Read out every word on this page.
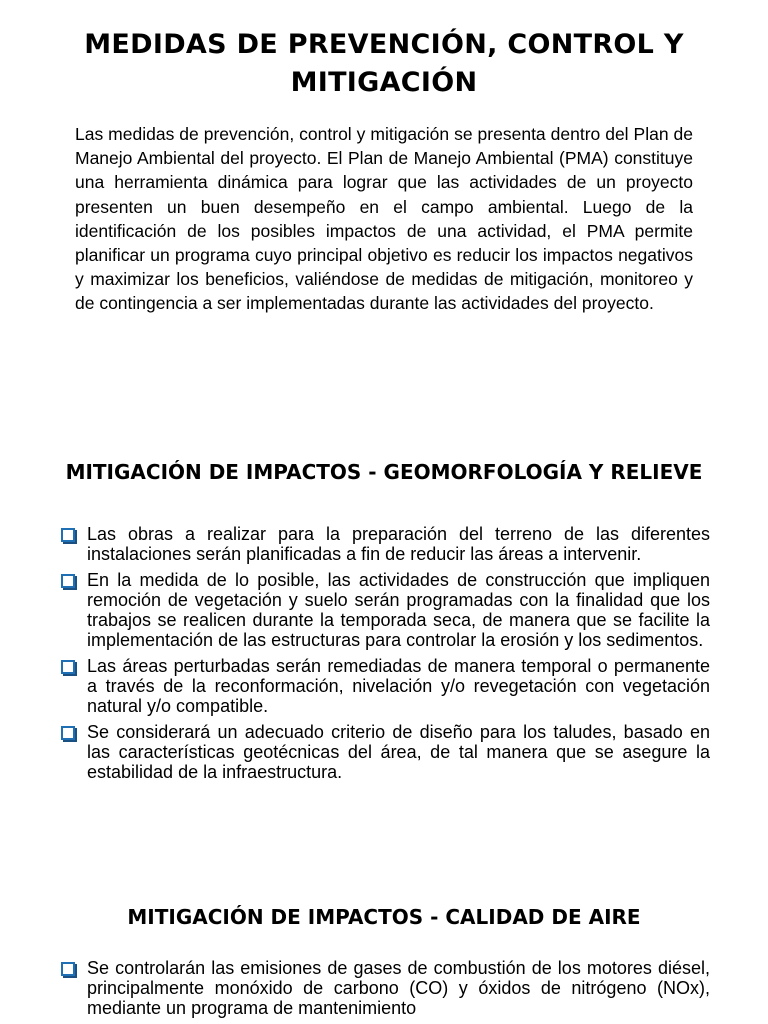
MEDIDAS DE PREVENCIÓN, CONTROL Y MITIGACIÓN

Las medidas de prevención, control y mitigación se presenta dentro del Plan de Manejo Ambiental del proyecto. El Plan de Manejo Ambiental (PMA) constituye una herramienta dinámica para lograr que las actividades de un proyecto presenten un buen desempeño en el campo ambiental. Luego de la identificación de los posibles impactos de una actividad, el PMA permite planificar un programa cuyo principal objetivo es reducir los impactos negativos y maximizar los beneficios, valiéndose de medidas de mitigación, monitoreo y de contingencia a ser implementadas durante las actividades del proyecto.

MITIGACIÓN DE IMPACTOS - GEOMORFOLOGÍA Y RELIEVE
Las obras a realizar para la preparación del terreno de las diferentes instalaciones serán planificadas a fin de reducir las áreas a intervenir.
En la medida de lo posible, las actividades de construcción que impliquen remoción de vegetación y suelo serán programadas con la finalidad que los trabajos se realicen durante la temporada seca, de manera que se facilite la implementación de las estructuras para controlar la erosión y los sedimentos.
Las áreas perturbadas serán remediadas de manera temporal o permanente a través de la reconformación, nivelación y/o revegetación con vegetación natural y/o compatible.
Se considerará un adecuado criterio de diseño para los taludes, basado en las características geotécnicas del área, de tal manera que se asegure la estabilidad de la infraestructura.
MITIGACIÓN DE IMPACTOS - CALIDAD DE AIRE
Se controlarán las emisiones de gases de combustión de los motores diésel, principalmente monóxido de carbono (CO) y óxidos de nitrógeno (NOx), mediante un programa de mantenimiento
